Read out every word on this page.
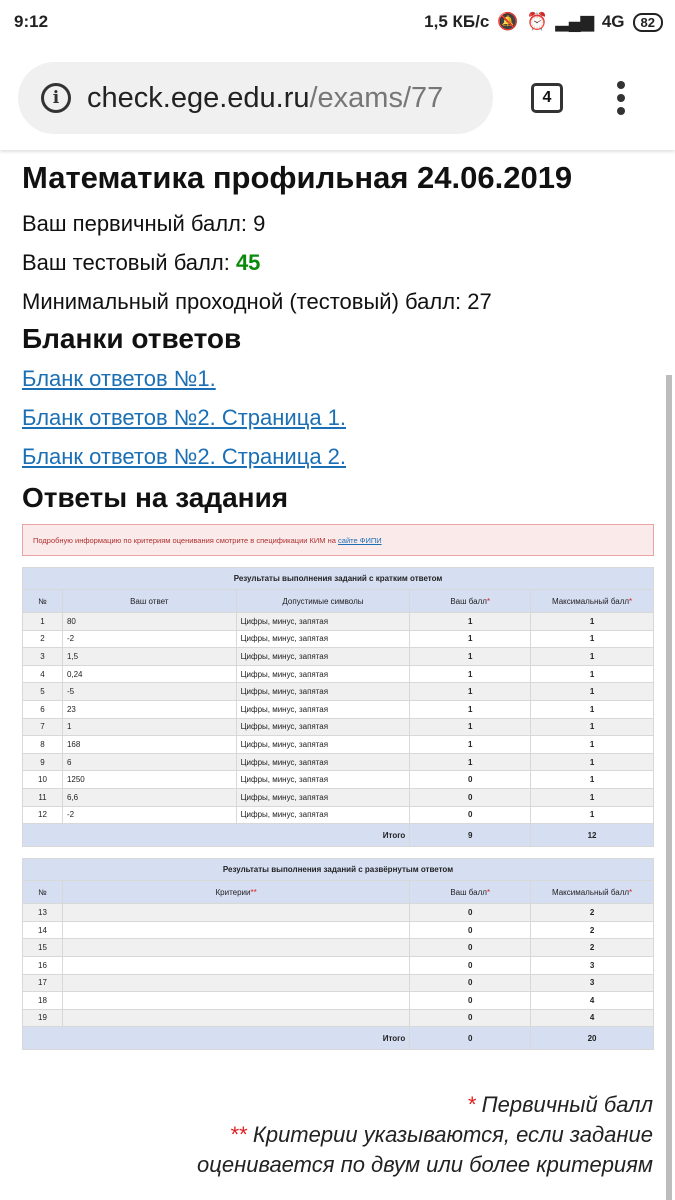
9:12	1,5 КБ/с 🔕 ⏰ ▂▄▆ 4G	82
i check.ege.edu.ru/exams/77	4
Математика профильная 24.06.2019
Ваш первичный балл: 9
Ваш тестовый балл: 45
Минимальный проходной (тестовый) балл: 27
Бланки ответов
Бланк ответов №1.
Бланк ответов №2. Страница 1.
Бланк ответов №2. Страница 2.
Ответы на задания
Подробную информацию по критериям оценивания смотрите в спецификации КИМ на сайте ФИПИ
Результаты выполнения заданий с кратким ответом				
№	Ваш ответ	Допустимые символы	Ваш балл*	Максимальный балл*
1	80	Цифры, минус, запятая	1	1
2	-2	Цифры, минус, запятая	1	1
3	1,5	Цифры, минус, запятая	1	1
4	0,24	Цифры, минус, запятая	1	1
5	-5	Цифры, минус, запятая	1	1
6	23	Цифры, минус, запятая	1	1
7	1	Цифры, минус, запятая	1	1
8	168	Цифры, минус, запятая	1	1
9	6	Цифры, минус, запятая	1	1
10	1250	Цифры, минус, запятая	0	1
11	6,6	Цифры, минус, запятая	0	1
12	-2	Цифры, минус, запятая	0	1
Итого			9	12
Результаты выполнения заданий с развёрнутым ответом			
№	Критерии**	Ваш балл*	Максимальный балл*
13		0	2
14		0	2
15		0	2
16		0	3
17		0	3
18		0	4
19		0	4
Итого		0	20
* Первичный балл
** Критерии указываются, если задание
оценивается по двум или более критериям
